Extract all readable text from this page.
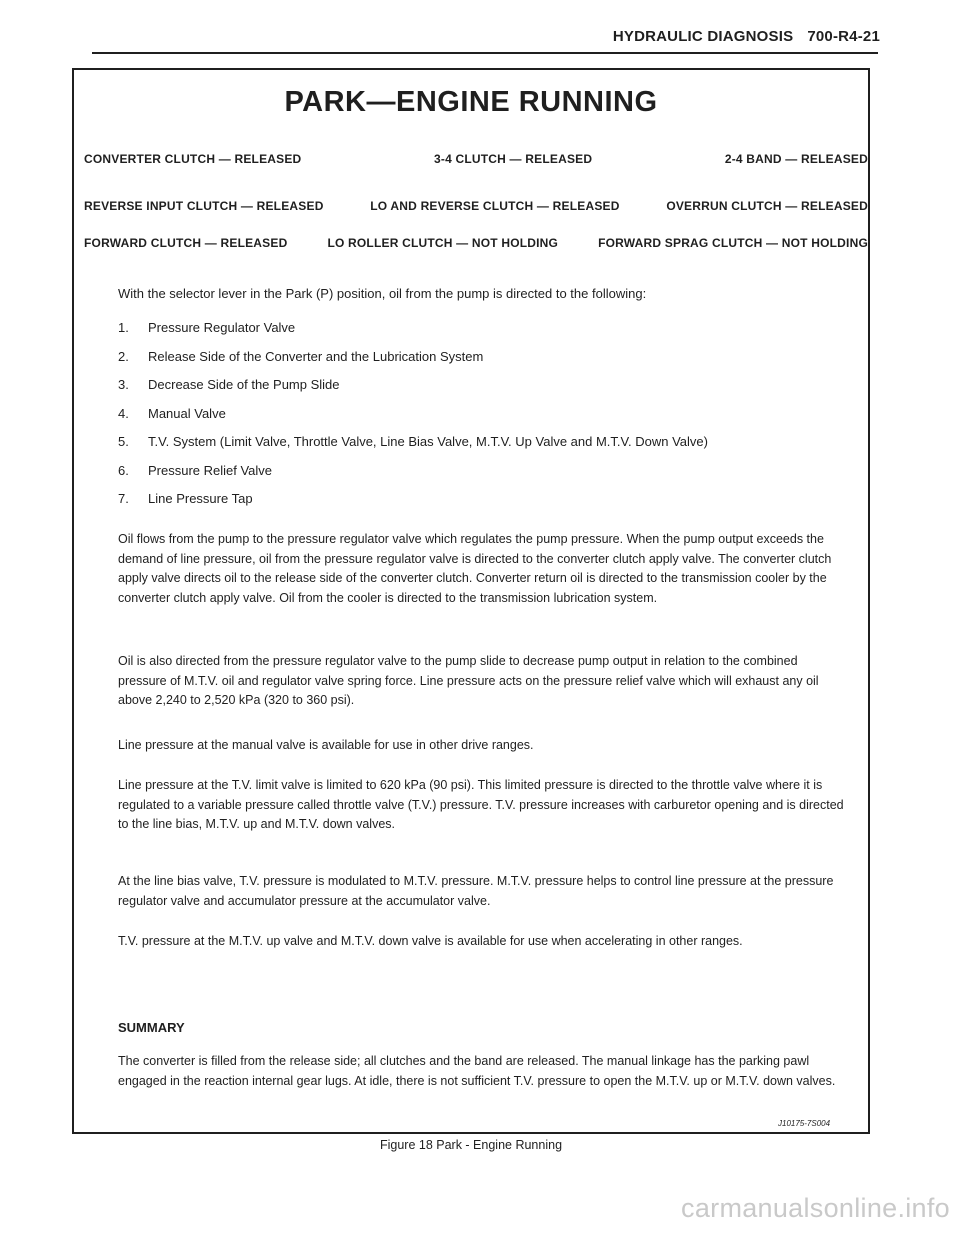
HYDRAULIC DIAGNOSIS 700-R4-21
PARK—ENGINE RUNNING
CONVERTER CLUTCH — RELEASED	3-4 CLUTCH — RELEASED	2-4 BAND — RELEASED
REVERSE INPUT CLUTCH — RELEASED	LO AND REVERSE CLUTCH — RELEASED	OVERRUN CLUTCH — RELEASED
FORWARD CLUTCH — RELEASED	LO ROLLER CLUTCH — NOT HOLDING	FORWARD SPRAG CLUTCH — NOT HOLDING
With the selector lever in the Park (P) position, oil from the pump is directed to the following:
1.	Pressure Regulator Valve
2.	Release Side of the Converter and the Lubrication System
3.	Decrease Side of the Pump Slide
4.	Manual Valve
5.	T.V. System (Limit Valve, Throttle Valve, Line Bias Valve, M.T.V. Up Valve and M.T.V. Down Valve)
6.	Pressure Relief Valve
7.	Line Pressure Tap

Oil flows from the pump to the pressure regulator valve which regulates the pump pressure. When the pump output exceeds the demand of line pressure, oil from the pressure regulator valve is directed to the converter clutch apply valve. The converter clutch apply valve directs oil to the release side of the converter clutch. Converter return oil is directed to the transmission cooler by the converter clutch apply valve. Oil from the cooler is directed to the transmission lubrication system.

Oil is also directed from the pressure regulator valve to the pump slide to decrease pump output in relation to the combined pressure of M.T.V. oil and regulator valve spring force. Line pressure acts on the pressure relief valve which will exhaust any oil above 2,240 to 2,520 kPa (320 to 360 psi).

Line pressure at the manual valve is available for use in other drive ranges.

Line pressure at the T.V. limit valve is limited to 620 kPa (90 psi). This limited pressure is directed to the throttle valve where it is regulated to a variable pressure called throttle valve (T.V.) pressure. T.V. pressure increases with carburetor opening and is directed to the line bias, M.T.V. up and M.T.V. down valves.

At the line bias valve, T.V. pressure is modulated to M.T.V. pressure. M.T.V. pressure helps to control line pressure at the pressure regulator valve and accumulator pressure at the accumulator valve.

T.V. pressure at the M.T.V. up valve and M.T.V. down valve is available for use when accelerating in other ranges.

SUMMARY

The converter is filled from the release side; all clutches and the band are released. The manual linkage has the parking pawl engaged in the reaction internal gear lugs. At idle, there is not sufficient T.V. pressure to open the M.T.V. up or M.T.V. down valves.

J10175-7S004
Figure 18 Park - Engine Running
carmanualsonline.info
